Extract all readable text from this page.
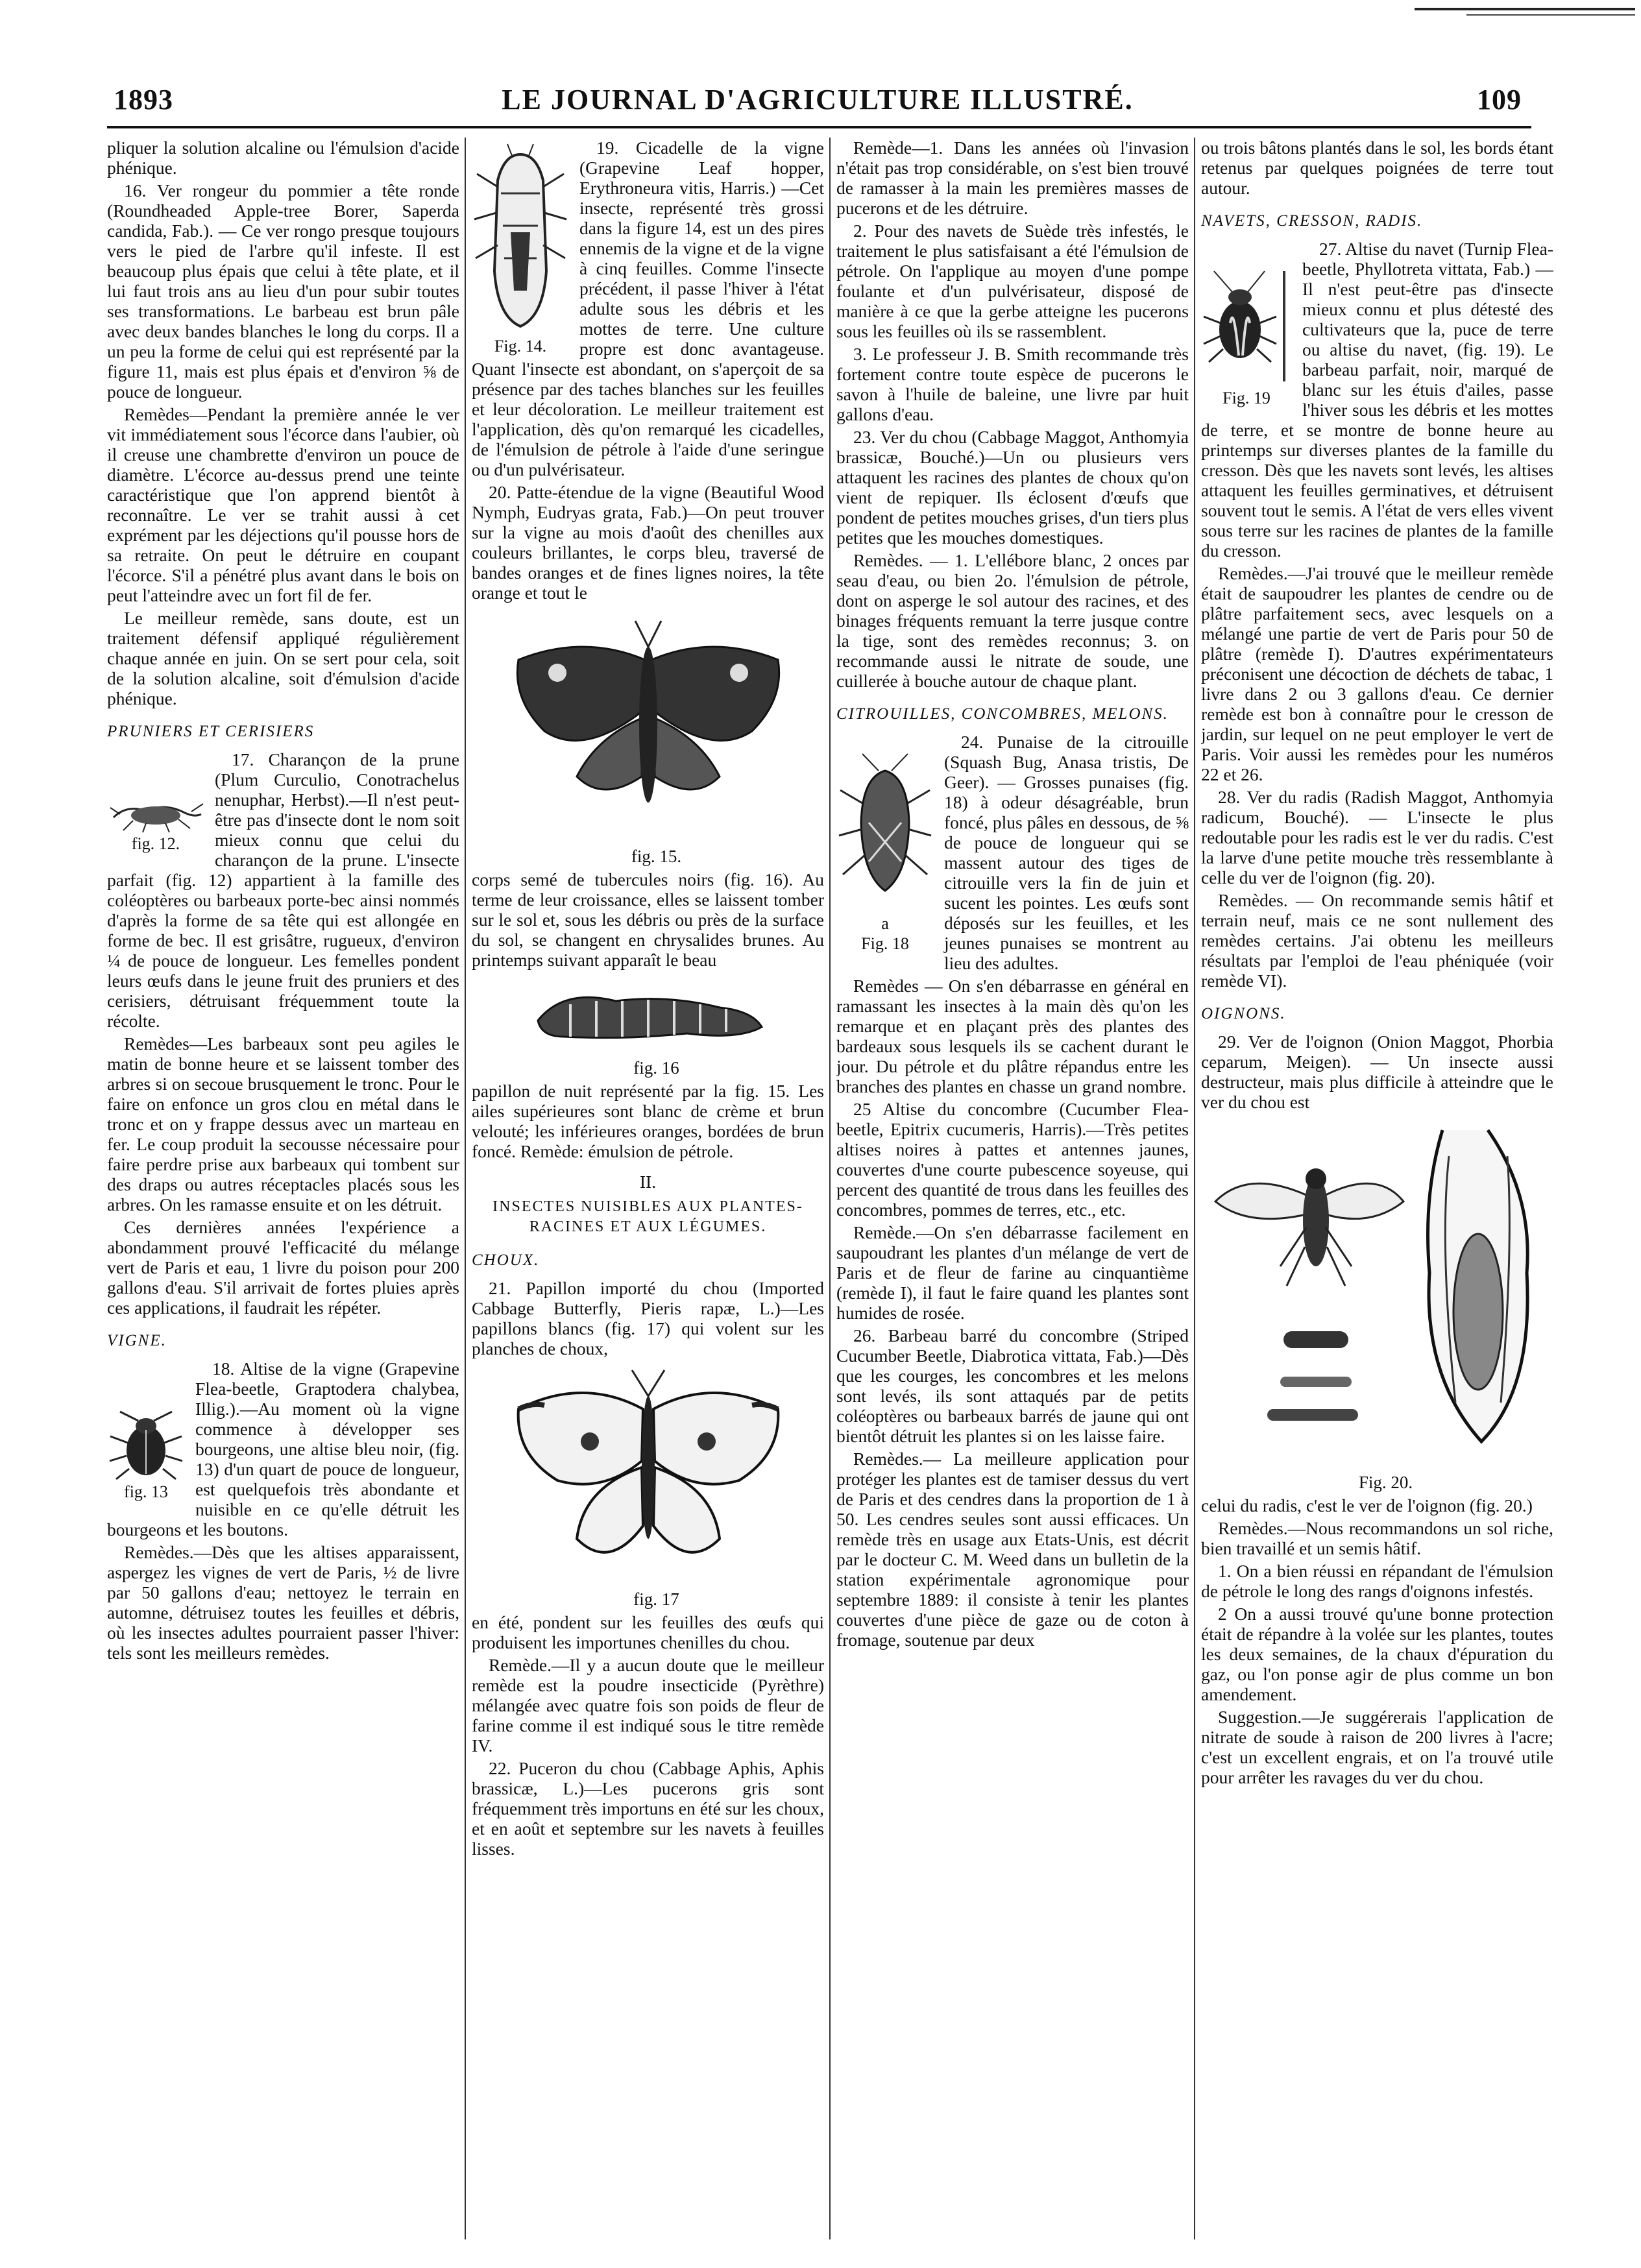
1893	LE JOURNAL D'AGRICULTURE ILLUSTRÉ.	109

pliquer la solution alcaline ou l'émulsion d'acide phénique.

16. Ver rongeur du pommier a tête ronde (Roundheaded Apple-tree Borer, Saperda candida, Fab.). — Ce ver rongo presque toujours vers le pied de l'arbre qu'il infeste. Il est beaucoup plus épais que celui à tête plate, et il lui faut trois ans au lieu d'un pour subir toutes ses transformations. Le barbeau est brun pâle avec deux bandes blanches le long du corps. Il a un peu la forme de celui qui est représenté par la figure 11, mais est plus épais et d'environ ⅝ de pouce de longueur.

Remèdes—Pendant la première année le ver vit immédiatement sous l'écorce dans l'aubier, où il creuse une chambrette d'environ un pouce de diamètre. L'écorce au-dessus prend une teinte caractéristique que l'on apprend bientôt à reconnaître. Le ver se trahit aussi à cet exprément par les déjections qu'il pousse hors de sa retraite. On peut le détruire en coupant l'écorce. S'il a pénétré plus avant dans le bois on peut l'atteindre avec un fort fil de fer.

Le meilleur remède, sans doute, est un traitement défensif appliqué régulièrement chaque année en juin. On se sert pour cela, soit de la solution alcaline, soit d'émulsion d'acide phénique.

PRUNIERS ET CERISIERS

fig. 12.

17. Charançon de la prune (Plum Curculio, Conotrachelus nenuphar, Herbst).—Il n'est peut-être pas d'insecte dont le nom soit mieux connu que celui du charançon de la prune. L'insecte parfait (fig. 12) appartient à la famille des coléoptères ou barbeaux porte-bec ainsi nommés d'après la forme de sa tête qui est allongée en forme de bec. Il est grisâtre, rugueux, d'environ ¼ de pouce de longueur. Les femelles pondent leurs œufs dans le jeune fruit des pruniers et des cerisiers, détruisant fréquemment toute la récolte.

Remèdes—Les barbeaux sont peu agiles le matin de bonne heure et se laissent tomber des arbres si on secoue brusquement le tronc. Pour le faire on enfonce un gros clou en métal dans le tronc et on y frappe dessus avec un marteau en fer. Le coup produit la secousse nécessaire pour faire perdre prise aux barbeaux qui tombent sur des draps ou autres réceptacles placés sous les arbres. On les ramasse ensuite et on les détruit.

Ces dernières années l'expérience a abondamment prouvé l'efficacité du mélange vert de Paris et eau, 1 livre du poison pour 200 gallons d'eau. S'il arrivait de fortes pluies après ces applications, il faudrait les répéter.

VIGNE.

fig. 13

18. Altise de la vigne (Grapevine Flea-beetle, Graptodera chalybea, Illig.).—Au moment où la vigne commence à développer ses bourgeons, une altise bleu noir, (fig. 13) d'un quart de pouce de longueur, est quelquefois très abondante et nuisible en ce qu'elle détruit les bourgeons et les boutons.

Remèdes.—Dès que les altises apparaissent, aspergez les vignes de vert de Paris, ½ de livre par 50 gallons d'eau; nettoyez le terrain en automne, détruisez toutes les feuilles et débris, où les insectes adultes pourraient passer l'hiver: tels sont les meilleurs remèdes.

Fig. 14.

19. Cicadelle de la vigne (Grapevine Leaf hopper, Erythroneura vitis, Harris.) —Cet insecte, représenté très grossi dans la figure 14, est un des pires ennemis de la vigne et de la vigne à cinq feuilles. Comme l'insecte précédent, il passe l'hiver à l'état adulte sous les débris et les mottes de terre. Une culture propre est donc avantageuse. Quant l'insecte est abondant, on s'aperçoit de sa présence par des taches blanches sur les feuilles et leur décoloration. Le meilleur traitement est l'application, dès qu'on remarqué les cicadelles, de l'émulsion de pétrole à l'aide d'une seringue ou d'un pulvérisateur.

20. Patte-étendue de la vigne (Beautiful Wood Nymph, Eudryas grata, Fab.)—On peut trouver sur la vigne au mois d'août des chenilles aux couleurs brillantes, le corps bleu, traversé de bandes oranges et de fines lignes noires, la tête orange et tout le

fig. 15.

corps semé de tubercules noirs (fig. 16). Au terme de leur croissance, elles se laissent tomber sur le sol et, sous les débris ou près de la surface du sol, se changent en chrysalides brunes. Au printemps suivant apparaît le beau

fig. 16

papillon de nuit représenté par la fig. 15. Les ailes supérieures sont blanc de crème et brun velouté; les inférieures oranges, bordées de brun foncé. Remède: émulsion de pétrole.

II.

INSECTES NUISIBLES AUX PLANTES-RACINES ET AUX LÉGUMES.

CHOUX.

21. Papillon importé du chou (Imported Cabbage Butterfly, Pieris rapæ, L.)—Les papillons blancs (fig. 17) qui volent sur les planches de choux,

fig. 17

en été, pondent sur les feuilles des œufs qui produisent les importunes chenilles du chou.

Remède.—Il y a aucun doute que le meilleur remède est la poudre insecticide (Pyrèthre) mélangée avec quatre fois son poids de fleur de farine comme il est indiqué sous le titre remède IV.

22. Puceron du chou (Cabbage Aphis, Aphis brassicæ, L.)—Les pucerons gris sont fréquemment très importuns en été sur les choux, et en août et septembre sur les navets à feuilles lisses.

Remède—1. Dans les années où l'invasion n'était pas trop considérable, on s'est bien trouvé de ramasser à la main les premières masses de pucerons et de les détruire.

2. Pour des navets de Suède très infestés, le traitement le plus satisfaisant a été l'émulsion de pétrole. On l'applique au moyen d'une pompe foulante et d'un pulvérisateur, disposé de manière à ce que la gerbe atteigne les pucerons sous les feuilles où ils se rassemblent.

3. Le professeur J. B. Smith recommande très fortement contre toute espèce de pucerons le savon à l'huile de baleine, une livre par huit gallons d'eau.

23. Ver du chou (Cabbage Maggot, Anthomyia brassicæ, Bouché.)—Un ou plusieurs vers attaquent les racines des plantes de choux qu'on vient de repiquer. Ils éclosent d'œufs que pondent de petites mouches grises, d'un tiers plus petites que les mouches domestiques.

Remèdes. — 1. L'ellébore blanc, 2 onces par seau d'eau, ou bien 2o. l'émulsion de pétrole, dont on asperge le sol autour des racines, et des binages fréquents remuant la terre jusque contre la tige, sont des remèdes reconnus; 3. on recommande aussi le nitrate de soude, une cuillerée à bouche autour de chaque plant.

CITROUILLES, CONCOMBRES, MELONS.

a
Fig. 18

24. Punaise de la citrouille (Squash Bug, Anasa tristis, De Geer). — Grosses punaises (fig. 18) à odeur désagréable, brun foncé, plus pâles en dessous, de ⅝ de pouce de longueur qui se massent autour des tiges de citrouille vers la fin de juin et sucent les pointes. Les œufs sont déposés sur les feuilles, et les jeunes punaises se montrent au lieu des adultes.

Remèdes — On s'en débarrasse en général en ramassant les insectes à la main dès qu'on les remarque et en plaçant près des plantes des bardeaux sous lesquels ils se cachent durant le jour. Du pétrole et du plâtre répandus entre les branches des plantes en chasse un grand nombre.

25 Altise du concombre (Cucumber Flea-beetle, Epitrix cucumeris, Harris).—Très petites altises noires à pattes et antennes jaunes, couvertes d'une courte pubescence soyeuse, qui percent des quantité de trous dans les feuilles des concombres, pommes de terres, etc., etc.

Remède.—On s'en débarrasse facilement en saupoudrant les plantes d'un mélange de vert de Paris et de fleur de farine au cinquantième (remède I), il faut le faire quand les plantes sont humides de rosée.

26. Barbeau barré du concombre (Striped Cucumber Beetle, Diabrotica vittata, Fab.)—Dès que les courges, les concombres et les melons sont levés, ils sont attaqués par de petits coléoptères ou barbeaux barrés de jaune qui ont bientôt détruit les plantes si on les laisse faire.

Remèdes.— La meilleure application pour protéger les plantes est de tamiser dessus du vert de Paris et des cendres dans la proportion de 1 à 50. Les cendres seules sont aussi efficaces. Un remède très en usage aux Etats-Unis, est décrit par le docteur C. M. Weed dans un bulletin de la station expérimentale agronomique pour septembre 1889: il consiste à tenir les plantes couvertes d'une pièce de gaze ou de coton à fromage, soutenue par deux

ou trois bâtons plantés dans le sol, les bords étant retenus par quelques poignées de terre tout autour.

NAVETS, CRESSON, RADIS.

Fig. 19

27. Altise du navet (Turnip Flea-beetle, Phyllotreta vittata, Fab.) — Il n'est peut-être pas d'insecte mieux connu et plus détesté des cultivateurs que la, puce de terre ou altise du navet, (fig. 19). Le barbeau parfait, noir, marqué de blanc sur les étuis d'ailes, passe l'hiver sous les débris et les mottes de terre, et se montre de bonne heure au printemps sur diverses plantes de la famille du cresson. Dès que les navets sont levés, les altises attaquent les feuilles germinatives, et détruisent souvent tout le semis. A l'état de vers elles vivent sous terre sur les racines de plantes de la famille du cresson.

Remèdes.—J'ai trouvé que le meilleur remède était de saupoudrer les plantes de cendre ou de plâtre parfaitement secs, avec lesquels on a mélangé une partie de vert de Paris pour 50 de plâtre (remède I). D'autres expérimentateurs préconisent une décoction de déchets de tabac, 1 livre dans 2 ou 3 gallons d'eau. Ce dernier remède est bon à connaître pour le cresson de jardin, sur lequel on ne peut employer le vert de Paris. Voir aussi les remèdes pour les numéros 22 et 26.

28. Ver du radis (Radish Maggot, Anthomyia radicum, Bouché). — L'insecte le plus redoutable pour les radis est le ver du radis. C'est la larve d'une petite mouche très ressemblante à celle du ver de l'oignon (fig. 20).

Remèdes. — On recommande semis hâtif et terrain neuf, mais ce ne sont nullement des remèdes certains. J'ai obtenu les meilleurs résultats par l'emploi de l'eau phéniquée (voir remède VI).

OIGNONS.

29. Ver de l'oignon (Onion Maggot, Phorbia ceparum, Meigen). — Un insecte aussi destructeur, mais plus difficile à atteindre que le ver du chou est

Fig. 20.

celui du radis, c'est le ver de l'oignon (fig. 20.)

Remèdes.—Nous recommandons un sol riche, bien travaillé et un semis hâtif.

1. On a bien réussi en répandant de l'émulsion de pétrole le long des rangs d'oignons infestés.

2 On a aussi trouvé qu'une bonne protection était de répandre à la volée sur les plantes, toutes les deux semaines, de la chaux d'épuration du gaz, ou l'on ponse agir de plus comme un bon amendement.

Suggestion.—Je suggérerais l'application de nitrate de soude à raison de 200 livres à l'acre; c'est un excellent engrais, et on l'a trouvé utile pour arrêter les ravages du ver du chou.
